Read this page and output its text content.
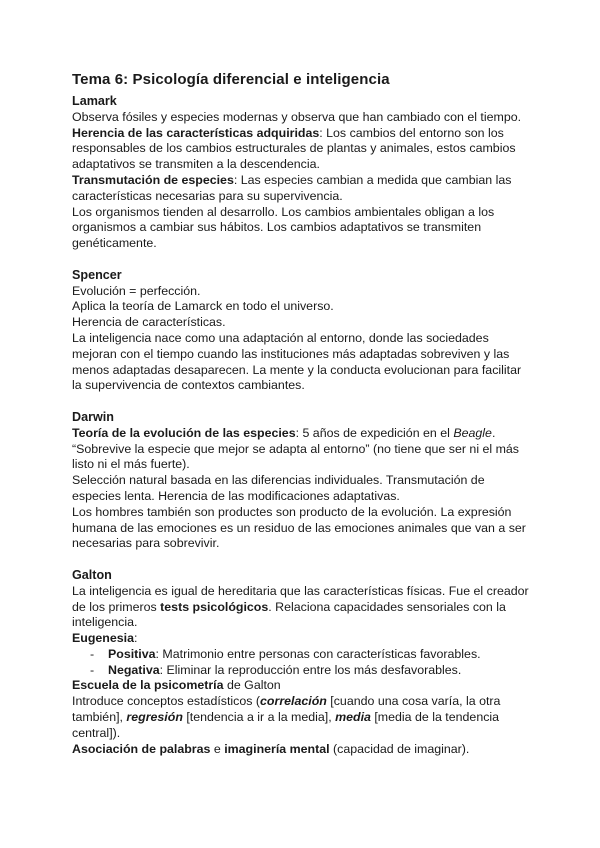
Tema 6: Psicología diferencial e inteligencia
Lamark

Observa fósiles y especies modernas y observa que han cambiado con el tiempo.

Herencia de las características adquiridas: Los cambios del entorno son los responsables de los cambios estructurales de plantas y animales, estos cambios adaptativos se transmiten a la descendencia.

Transmutación de especies: Las especies cambian a medida que cambian las características necesarias para su supervivencia.

Los organismos tienden al desarrollo. Los cambios ambientales obligan a los organismos a cambiar sus hábitos. Los cambios adaptativos se transmiten genéticamente.

Spencer

Evolución = perfección.

Aplica la teoría de Lamarck en todo el universo.

Herencia de características.

La inteligencia nace como una adaptación al entorno, donde las sociedades mejoran con el tiempo cuando las instituciones más adaptadas sobreviven y las menos adaptadas desaparecen. La mente y la conducta evolucionan para facilitar la supervivencia de contextos cambiantes.

Darwin

Teoría de la evolución de las especies: 5 años de expedición en el Beagle.

“Sobrevive la especie que mejor se adapta al entorno” (no tiene que ser ni el más listo ni el más fuerte).

Selección natural basada en las diferencias individuales. Transmutación de especies lenta. Herencia de las modificaciones adaptativas.

Los hombres también son productes son producto de la evolución. La expresión humana de las emociones es un residuo de las emociones animales que van a ser necesarias para sobrevivir.

Galton

La inteligencia es igual de hereditaria que las características físicas. Fue el creador de los primeros tests psicológicos. Relaciona capacidades sensoriales con la inteligencia.

Eugenesia:

- Positiva: Matrimonio entre personas con características favorables.
- Negativa: Eliminar la reproducción entre los más desfavorables.

Escuela de la psicometría de Galton

Introduce conceptos estadísticos (correlación [cuando una cosa varía, la otra también], regresión [tendencia a ir a la media], media [media de la tendencia central]).

Asociación de palabras e imaginería mental (capacidad de imaginar).
